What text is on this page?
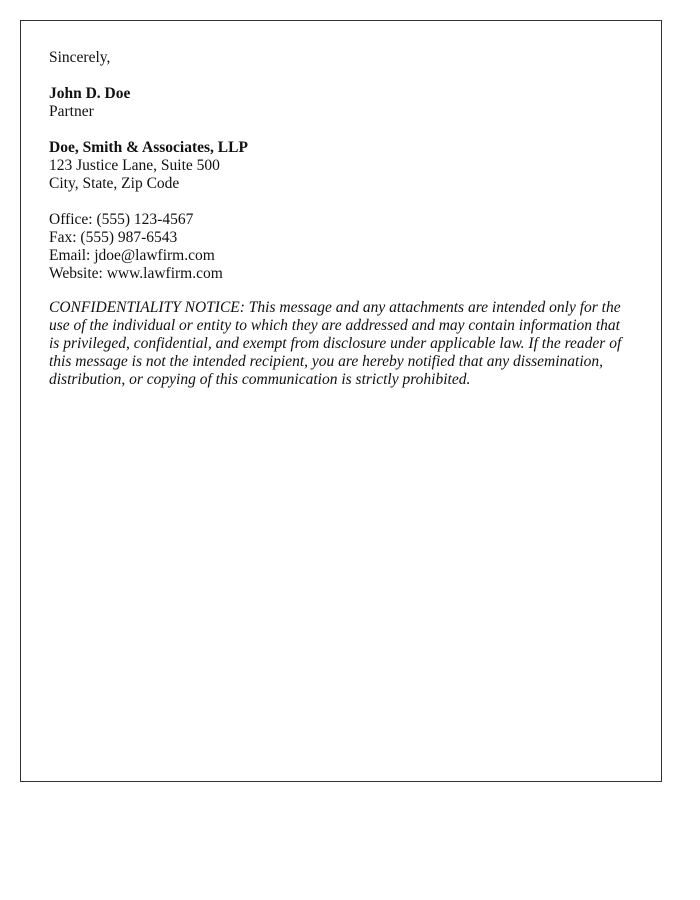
Sincerely,
John D. Doe
Partner
Doe, Smith & Associates, LLP
123 Justice Lane, Suite 500
City, State, Zip Code
Office: (555) 123-4567
Fax: (555) 987-6543
Email: jdoe@lawfirm.com
Website: www.lawfirm.com

CONFIDENTIALITY NOTICE: This message and any attachments are intended only for the use of the individual or entity to which they are addressed and may contain information that is privileged, confidential, and exempt from disclosure under applicable law. If the reader of this message is not the intended recipient, you are hereby notified that any dissemination, distribution, or copying of this communication is strictly prohibited.
